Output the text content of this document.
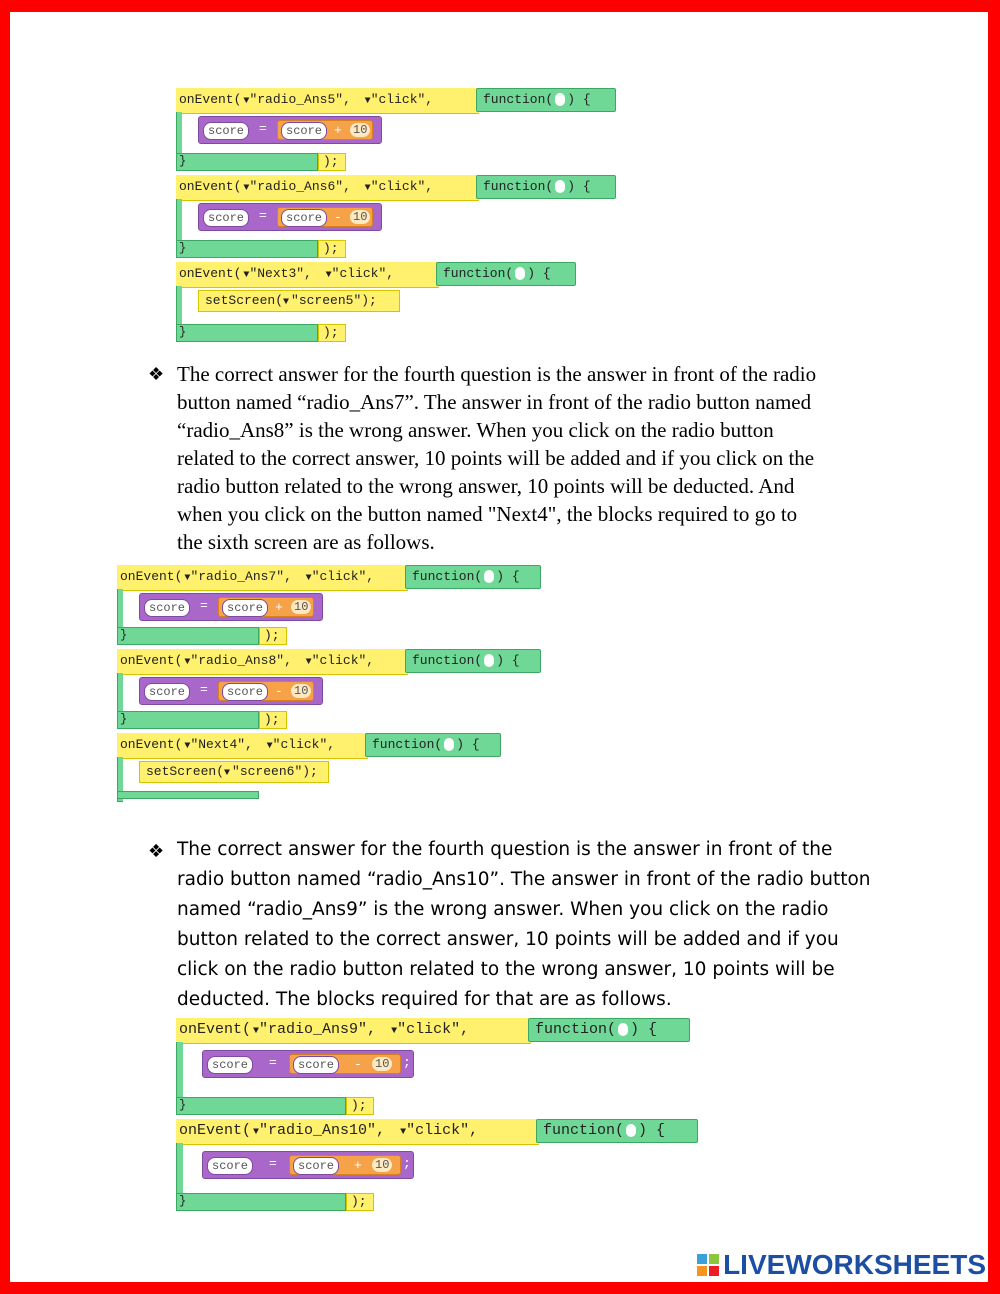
onEvent( ▼"radio_Ans5", ▼"click",	function( ) {
score	=	score + 10 ;
}	);
onEvent( ▼"radio_Ans6", ▼"click",	function( ) {
score	=	score - 10 ;
}	);
onEvent( ▼"Next3", ▼"click",	function( ) {
setScreen(▼ "screen5");
}	);
❖ The correct answer for the fourth question is the answer in front of the radio
button named “radio_Ans7”. The answer in front of the radio button named
“radio_Ans8” is the wrong answer. When you click on the radio button
related to the correct answer, 10 points will be added and if you click on the
radio button related to the wrong answer, 10 points will be deducted. And
when you click on the button named "Next4", the blocks required to go to
the sixth screen are as follows.
onEvent( ▼"radio_Ans7", ▼"click",	function( ) {
score	=	score + 10 ;
}	);
onEvent( ▼"radio_Ans8", ▼"click",	function( ) {
score	=	score - 10 ;
}	);
onEvent( ▼"Next4", ▼"click",	function( ) {
setScreen(▼ "screen6");
❖ The correct answer for the fourth question is the answer in front of the
radio button named “radio_Ans10”. The answer in front of the radio button
named “radio_Ans9” is the wrong answer. When you click on the radio
button related to the correct answer, 10 points will be added and if you
click on the radio button related to the wrong answer, 10 points will be
deducted. The blocks required for that are as follows.
onEvent( ▼"radio_Ans9", ▼"click",	function( ) {
score	=	score	- 10 ;
}	);
onEvent( ▼"radio_Ans10", ▼"click",	function( ) {
score	=	score	+ 10 ;
}	);
LIVEWORKSHEETS
